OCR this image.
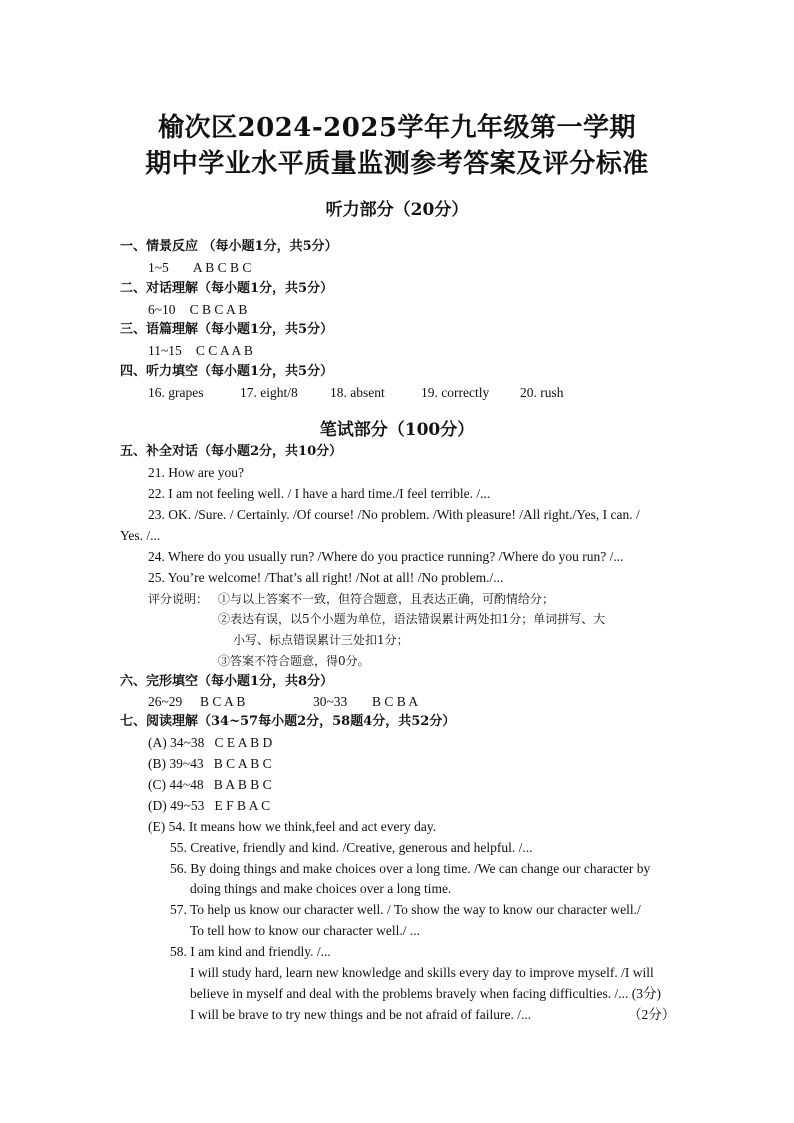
榆次区2024-2025学年九年级第一学期
期中学业水平质量监测参考答案及评分标准
听力部分（20分）
一、情景反应 （每小题1分，共5分）
1~5 A B C B C
二、对话理解（每小题1分，共5分）
6~10 C B C A B
三、语篇理解（每小题1分，共5分）
11~15 C C A A B
四、听力填空（每小题1分，共5分）
16. grapes	17. eight/8 18. absent	19. correctly 20. rush
笔试部分（100分）
五、补全对话（每小题2分，共10分）
21. How are you?
22. I am not feeling well. / I have a hard time./I feel terrible. /...
23. OK. /Sure. / Certainly. /Of course! /No problem. /With pleasure! /All right./Yes, I can. /
Yes. /...
24. Where do you usually run? /Where do you practice running? /Where do you run? /...
25. You’re welcome! /That’s all right! /Not at all! /No problem./...
评分说明： ①与以上答案不一致，但符合题意，且表达正确，可酌情给分；
②表达有误，以5个小题为单位，语法错误累计两处扣1分；单词拼写、大
小写、标点错误累计三处扣1分；
③答案不符合题意，得0分。
六、完形填空（每小题1分，共8分）
26~29 B C A B	30~33 B C B A
七、阅读理解（34~57每小题2分，58题4分，共52分）
(A) 34~38   C E A B D
(B) 39~43   B C A B C
(C) 44~48   B A B B C
(D) 49~53   E F B A C
(E) 54. It means how we think,feel and act every day.
55. Creative, friendly and kind. /Creative, generous and helpful. /...
56. By doing things and make choices over a long time. /We can change our character by
doing things and make choices over a long time.
57. To help us know our character well. / To show the way to know our character well./
To tell how to know our character well./ ...
58. I am kind and friendly. /...
I will study hard, learn new knowledge and skills every day to improve myself. /I will
believe in myself and deal with the problems bravely when facing difficulties. /... (3分)
I will be brave to try new things and be not afraid of failure. /...	（2分）
